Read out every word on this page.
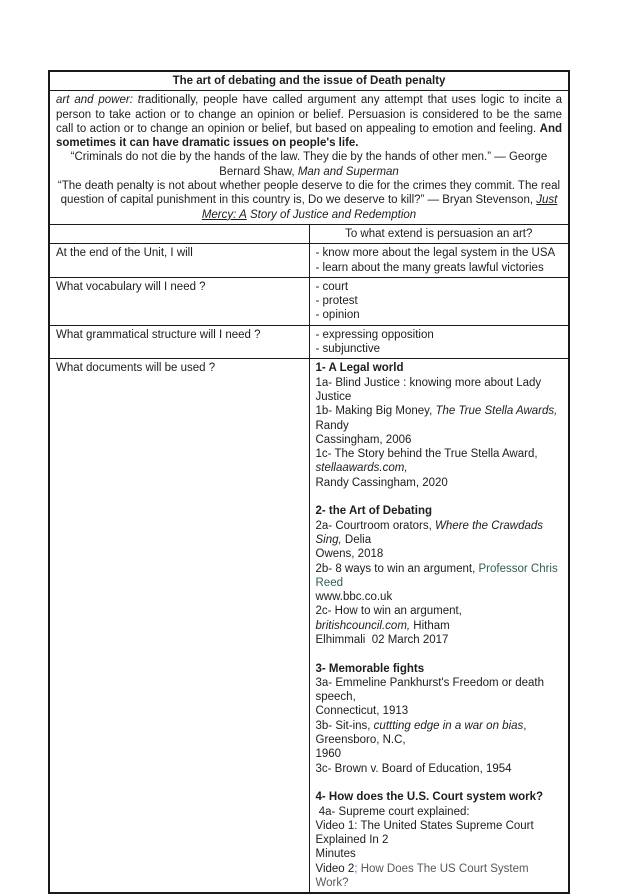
The art of debating and the issue of Death penalty	

art and power: traditionally, people have called argument any attempt that uses logic to incite a person to take action or to change an opinion or belief. Persuasion is considered to be the same call to action or to change an opinion or belief, but based on appealing to emotion and feeling. And sometimes it can have dramatic issues on people's life.

“Criminals do not die by the hands of the law. They die by the hands of other men.” — George Bernard Shaw, Man and Superman

“The death penalty is not about whether people deserve to die for the crimes they commit. The real question of capital punishment in this country is, Do we deserve to kill?” — Bryan Stevenson, Just Mercy: A Story of Justice and Redemption	

	To what extend is persuasion an art?
At the end of the Unit, I will	- know more about the legal system in the USA
- learn about the many greats lawful victories

What vocabulary will I need ?	- court
- protest
- opinion

What grammatical structure will I need ?	- expressing opposition
- subjunctive

What documents will be used ?	1- A Legal world
1a- Blind Justice : knowing more about Lady Justice
1b- Making Big Money, The True Stella Awards, Randy
Cassingham, 2006
1c- The Story behind the True Stella Award, stellaawards.com,
Randy Cassingham, 2020
2- the Art of Debating
2a- Courtroom orators, Where the Crawdads Sing, Delia
Owens, 2018
2b- 8 ways to win an argument, Professor Chris Reed
www.bbc.co.uk
2c- How to win an argument,  britishcouncil.com, Hitham
Elhimmali  02 March 2017
3- Memorable fights
3a- Emmeline Pankhurst's Freedom or death speech,
Connecticut, 1913
3b- Sit-ins, cuttting edge in a war on bias, Greensboro, N.C,
1960
3c- Brown v. Board of Education, 1954
4- How does the U.S. Court system work?
4a- Supreme court explained:
Video 1: The United States Supreme Court Explained In 2
Minutes
Video 2; How Does The US Court System Work?
